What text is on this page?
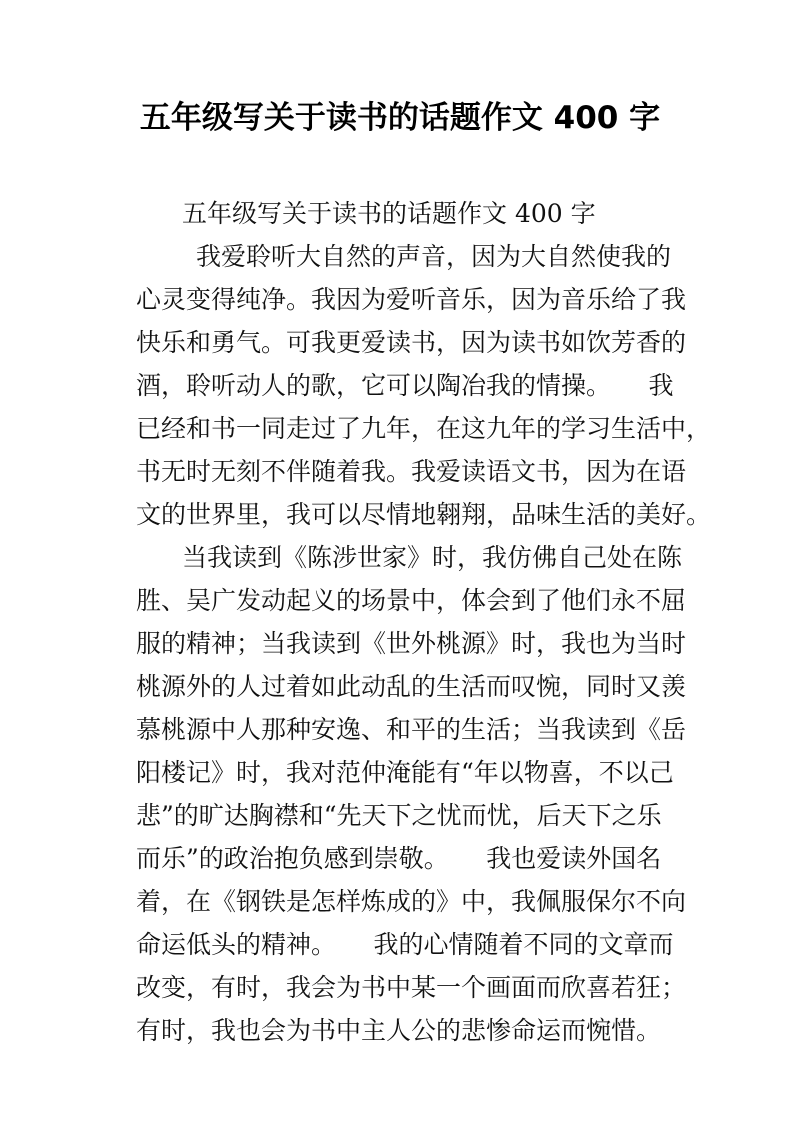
五年级写关于读书的话题作文 400 字
五年级写关于读书的话题作文 400 字
我爱聆听大自然的声音，因为大自然使我的
心灵变得纯净。我因为爱听音乐，因为音乐给了我
快乐和勇气。可我更爱读书，因为读书如饮芳香的
酒，聆听动人的歌，它可以陶冶我的情操。　　我
已经和书一同走过了九年，在这九年的学习生活中，
书无时无刻不伴随着我。我爱读语文书，因为在语
文的世界里，我可以尽情地翱翔，品味生活的美好。
当我读到《陈涉世家》时，我仿佛自己处在陈
胜、吴广发动起义的场景中，体会到了他们永不屈
服的精神；当我读到《世外桃源》时，我也为当时
桃源外的人过着如此动乱的生活而叹惋，同时又羡
慕桃源中人那种安逸、和平的生活；当我读到《岳
阳楼记》时，我对范仲淹能有“年以物喜，不以己
悲”的旷达胸襟和“先天下之忧而忧，后天下之乐
而乐”的政治抱负感到崇敬。　　我也爱读外国名
着，在《钢铁是怎样炼成的》中，我佩服保尔不向
命运低头的精神。　　我的心情随着不同的文章而
改变，有时，我会为书中某一个画面而欣喜若狂；
有时，我也会为书中主人公的悲惨命运而惋惜。
